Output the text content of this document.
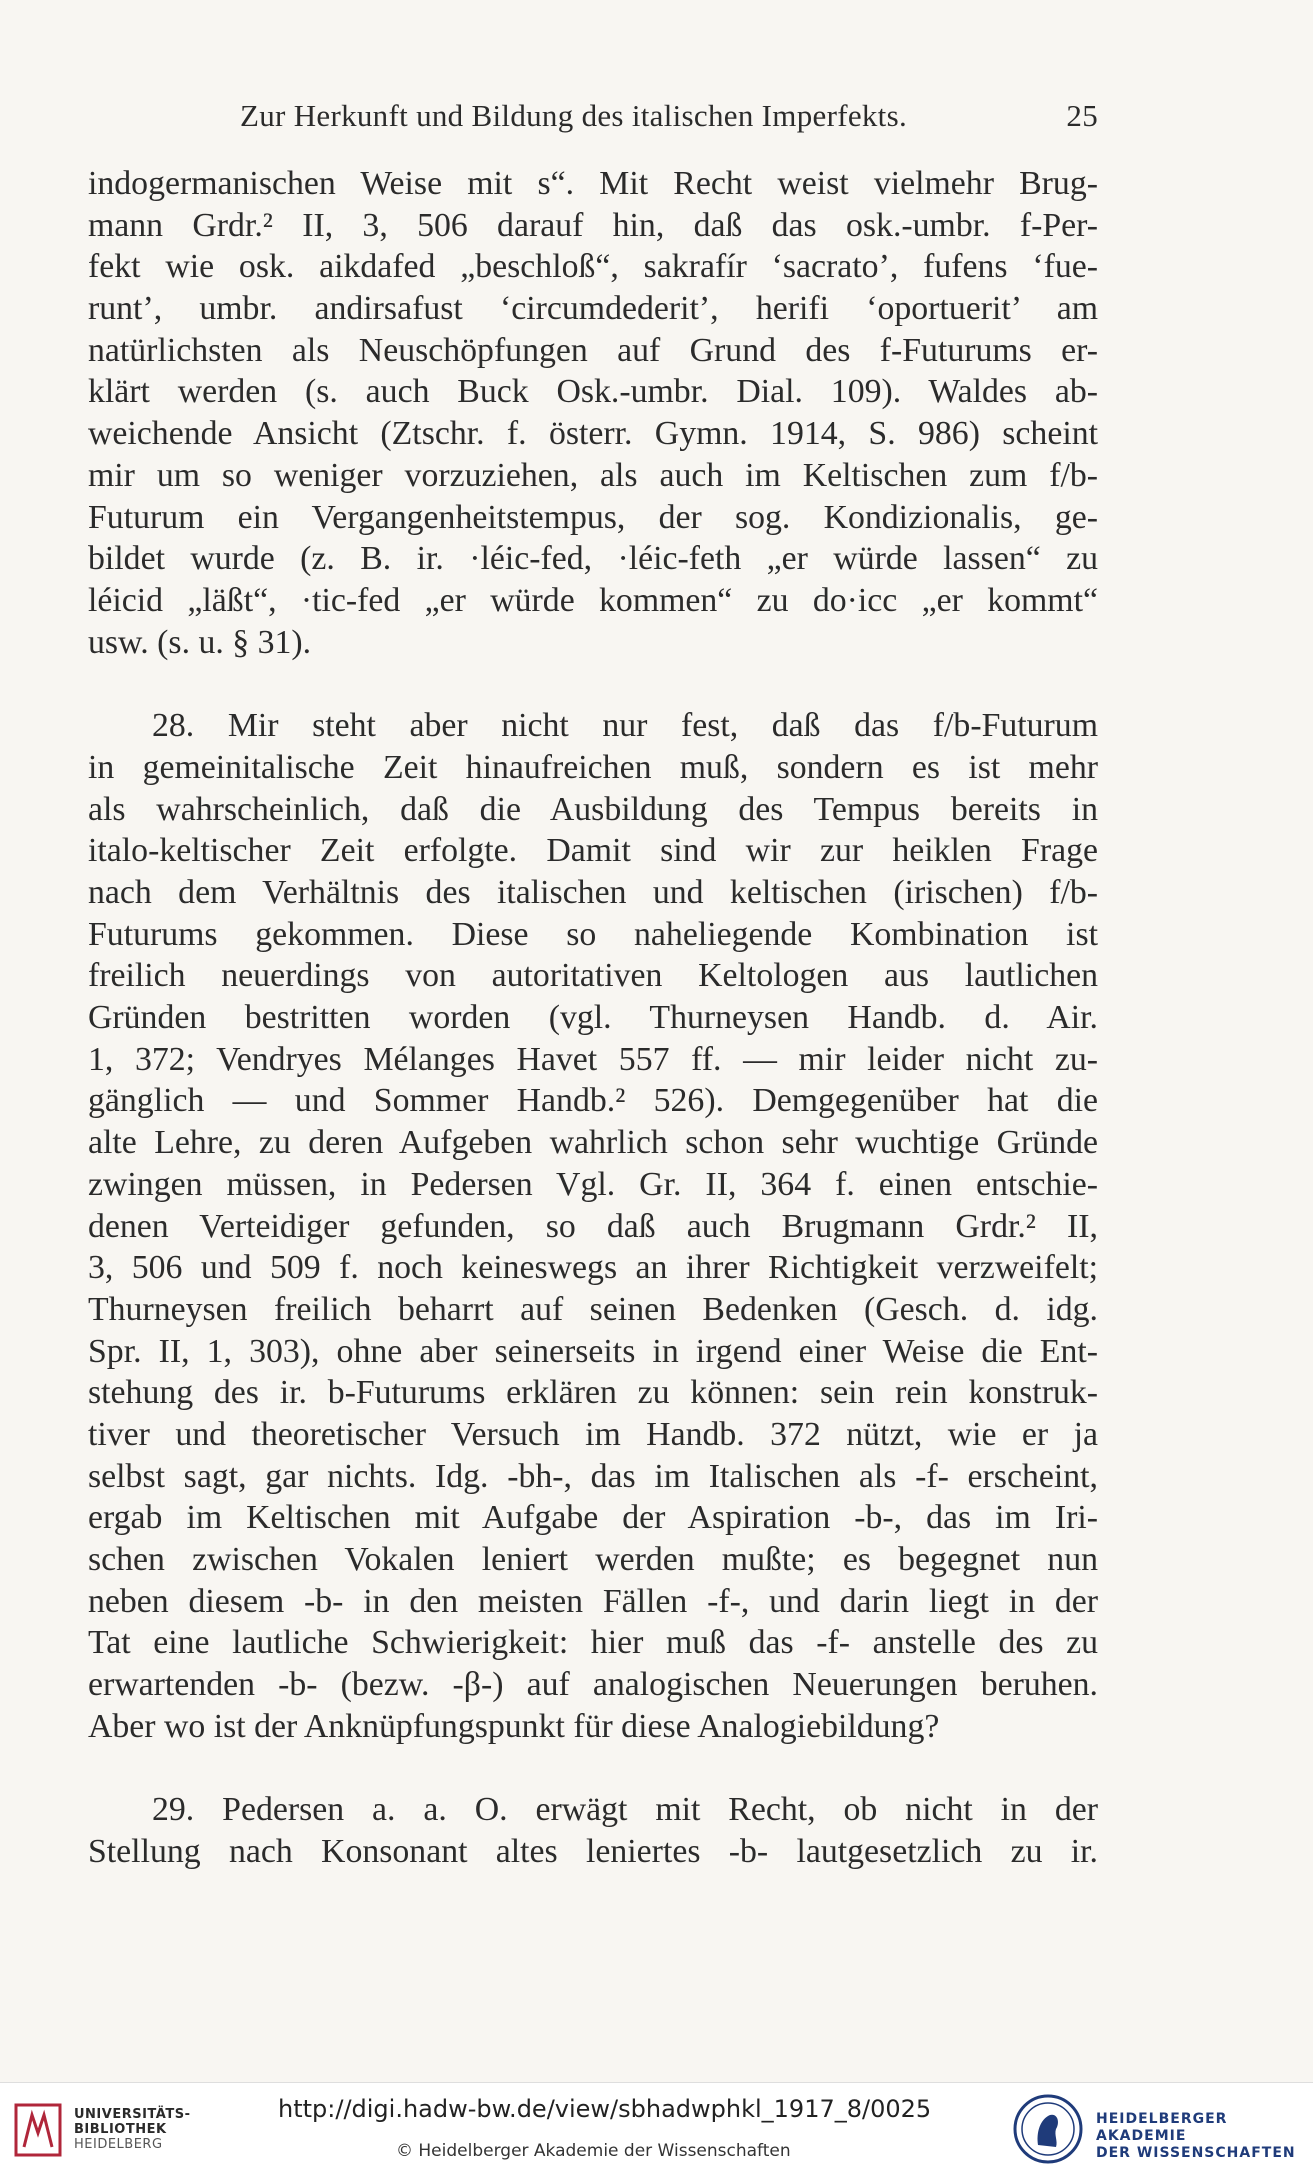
Zur Herkunft und Bildung des italischen Imperfekts.	25
indogermanischen Weise mit s“. Mit Recht weist vielmehr Brug-
mann Grdr.² II, 3, 506 darauf hin, daß das osk.-umbr. f-Per-
fekt wie osk. aikdafed „beschloß“, sakrafír ‘sacrato’, fufens ‘fue-
runt’, umbr. andirsafust ‘circumdederit’, herifi ‘oportuerit’ am
natürlichsten als Neuschöpfungen auf Grund des f-Futurums er-
klärt werden (s. auch Buck Osk.-umbr. Dial. 109). Waldes ab-
weichende Ansicht (Ztschr. f. österr. Gymn. 1914, S. 986) scheint
mir um so weniger vorzuziehen, als auch im Keltischen zum f/b-
Futurum ein Vergangenheitstempus, der sog. Kondizionalis, ge-
bildet wurde (z. B. ir. ·léic-fed, ·léic-feth „er würde lassen“ zu
léicid „läßt“, ·tic-fed „er würde kommen“ zu do·icc „er kommt“
usw. (s. u. § 31).
28. Mir steht aber nicht nur fest, daß das f/b-Futurum
in gemeinitalische Zeit hinaufreichen muß, sondern es ist mehr
als wahrscheinlich, daß die Ausbildung des Tempus bereits in
italo-keltischer Zeit erfolgte. Damit sind wir zur heiklen Frage
nach dem Verhältnis des italischen und keltischen (irischen) f/b-
Futurums gekommen. Diese so naheliegende Kombination ist
freilich neuerdings von autoritativen Keltologen aus lautlichen
Gründen bestritten worden (vgl. Thurneysen Handb. d. Air.
1, 372; Vendryes Mélanges Havet 557 ff. — mir leider nicht zu-
gänglich — und Sommer Handb.² 526). Demgegenüber hat die
alte Lehre, zu deren Aufgeben wahrlich schon sehr wuchtige Gründe
zwingen müssen, in Pedersen Vgl. Gr. II, 364 f. einen entschie-
denen Verteidiger gefunden, so daß auch Brugmann Grdr.² II,
3, 506 und 509 f. noch keineswegs an ihrer Richtigkeit verzweifelt;
Thurneysen freilich beharrt auf seinen Bedenken (Gesch. d. idg.
Spr. II, 1, 303), ohne aber seinerseits in irgend einer Weise die Ent-
stehung des ir. b-Futurums erklären zu können: sein rein konstruk-
tiver und theoretischer Versuch im Handb. 372 nützt, wie er ja
selbst sagt, gar nichts. Idg. -bh-, das im Italischen als -f- erscheint,
ergab im Keltischen mit Aufgabe der Aspiration -b-, das im Iri-
schen zwischen Vokalen leniert werden mußte; es begegnet nun
neben diesem -b- in den meisten Fällen -f-, und darin liegt in der
Tat eine lautliche Schwierigkeit: hier muß das -f- anstelle des zu
erwartenden -b- (bezw. -β-) auf analogischen Neuerungen beruhen.
Aber wo ist der Anknüpfungspunkt für diese Analogiebildung?
29. Pedersen a. a. O. erwägt mit Recht, ob nicht in der
Stellung nach Konsonant altes leniertes -b- lautgesetzlich zu ir.
UNIVERSITÄTS-
BIBLIOTHEK
HEIDELBERG
http://digi.hadw-bw.de/view/sbhadwphkl_1917_8/0025
© Heidelberger Akademie der Wissenschaften
HEIDELBERGER AKADEMIE
DER WISSENSCHAFTEN
